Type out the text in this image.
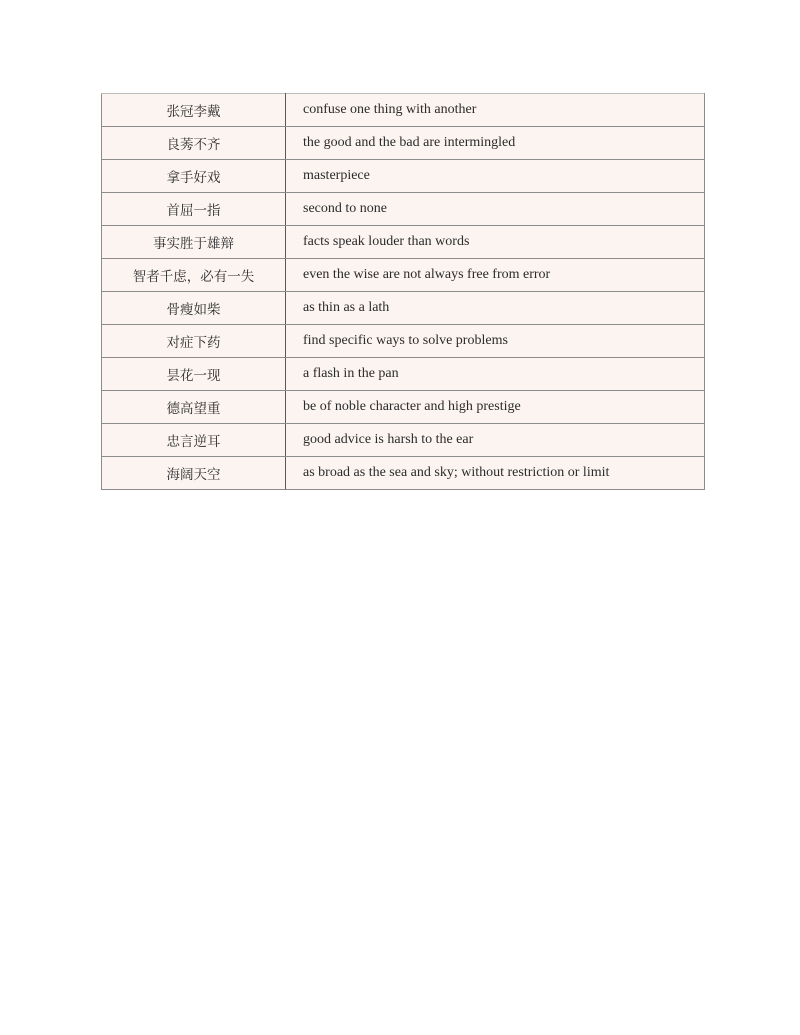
张冠李戴	confuse one thing with another
良莠不齐	the good and the bad are intermingled
拿手好戏	masterpiece
首屈一指	second to none
事实胜于雄辩	facts speak louder than words
智者千虑，必有一失	even the wise are not always free from error
骨瘦如柴	as thin as a lath
对症下药	find specific ways to solve problems
昙花一现	a flash in the pan
德高望重	be of noble character and high prestige
忠言逆耳	good advice is harsh to the ear
海阔天空	as broad as the sea and sky; without restriction or limit
